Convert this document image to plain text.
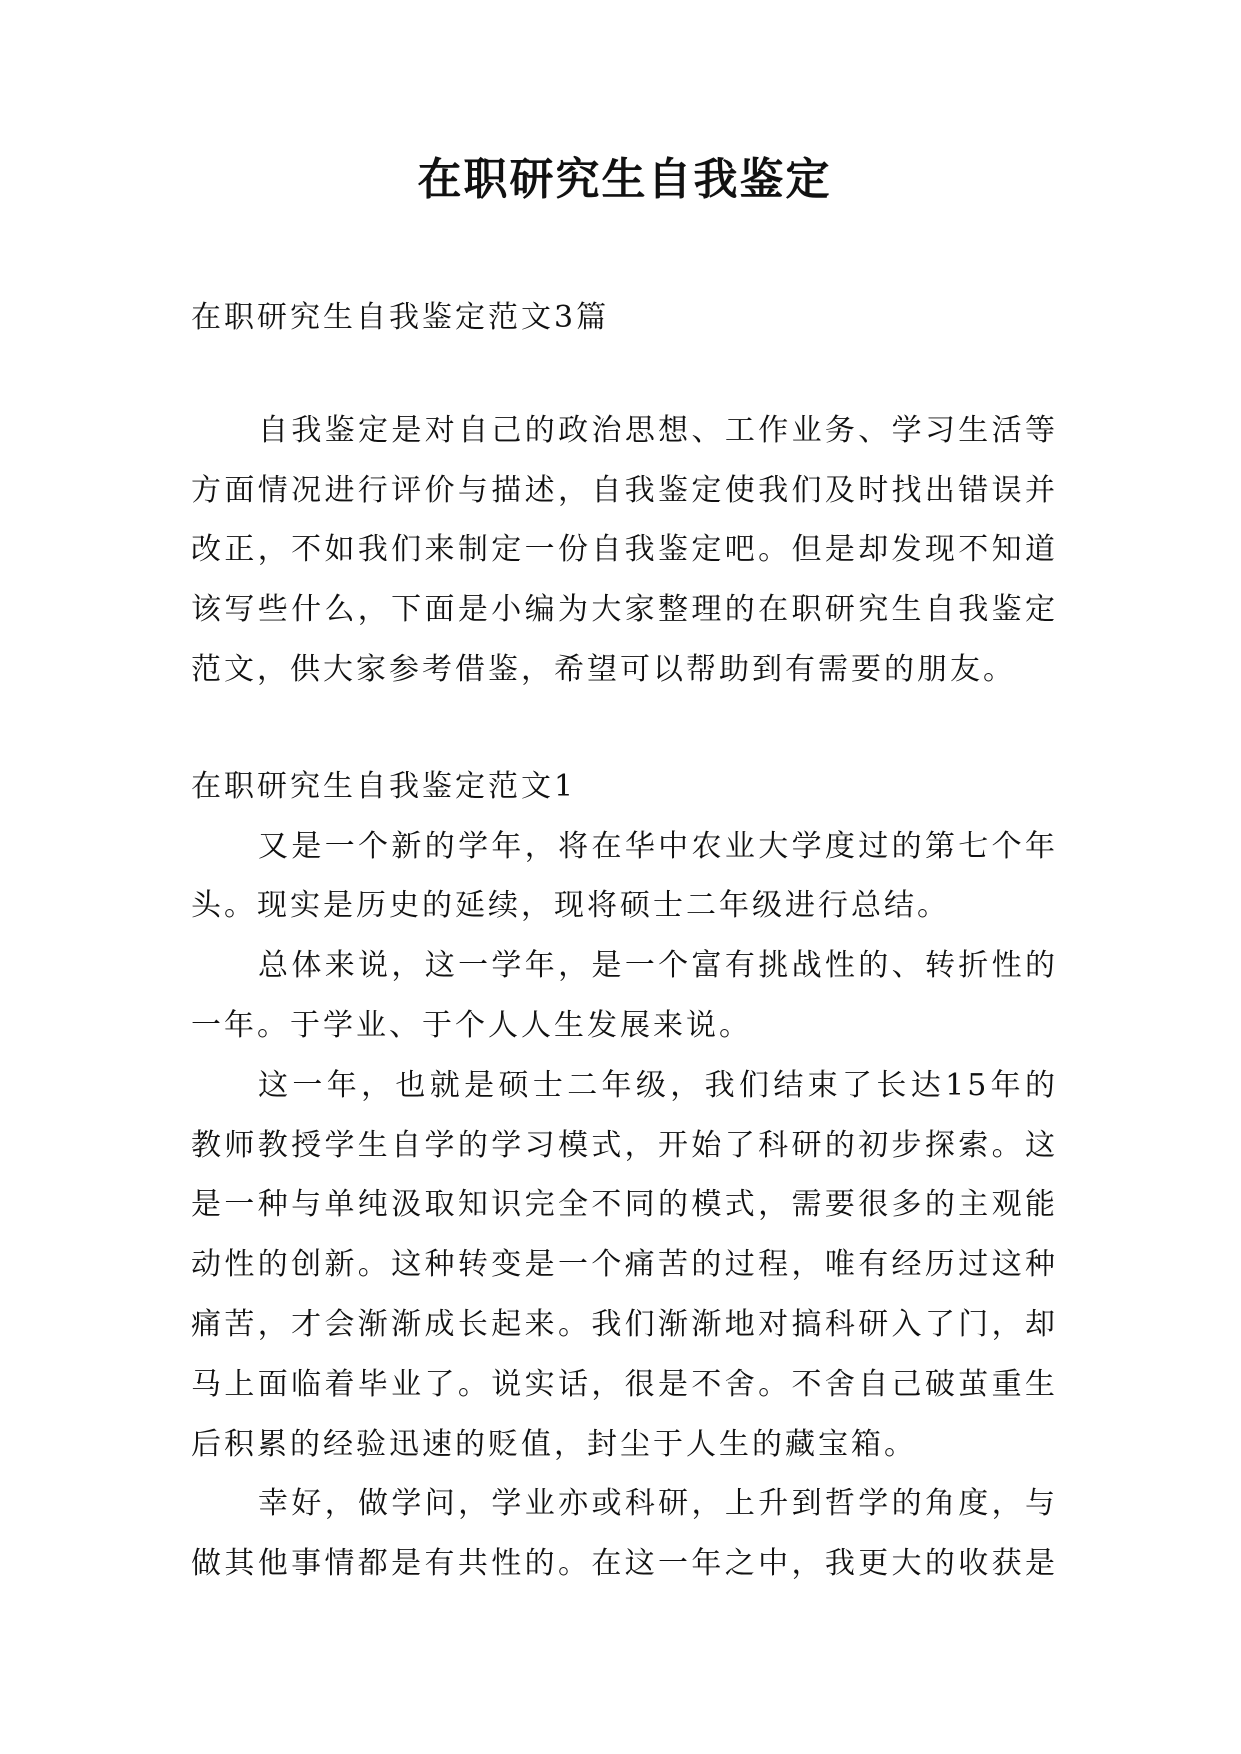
在职研究生自我鉴定

在职研究生自我鉴定范文3篇

自我鉴定是对自己的政治思想、工作业务、学习生活等
方面情况进行评价与描述，自我鉴定使我们及时找出错误并
改正，不如我们来制定一份自我鉴定吧。但是却发现不知道
该写些什么，下面是小编为大家整理的在职研究生自我鉴定
范文，供大家参考借鉴，希望可以帮助到有需要的朋友。

在职研究生自我鉴定范文1

又是一个新的学年，将在华中农业大学度过的第七个年
头。现实是历史的延续，现将硕士二年级进行总结。
总体来说，这一学年，是一个富有挑战性的、转折性的
一年。于学业、于个人人生发展来说。
这一年，也就是硕士二年级，我们结束了长达15年的
教师教授学生自学的学习模式，开始了科研的初步探索。这
是一种与单纯汲取知识完全不同的模式，需要很多的主观能
动性的创新。这种转变是一个痛苦的过程，唯有经历过这种
痛苦，才会渐渐成长起来。我们渐渐地对搞科研入了门，却
马上面临着毕业了。说实话，很是不舍。不舍自己破茧重生
后积累的经验迅速的贬值，封尘于人生的藏宝箱。
幸好，做学问，学业亦或科研，上升到哲学的角度，与
做其他事情都是有共性的。在这一年之中，我更大的收获是
